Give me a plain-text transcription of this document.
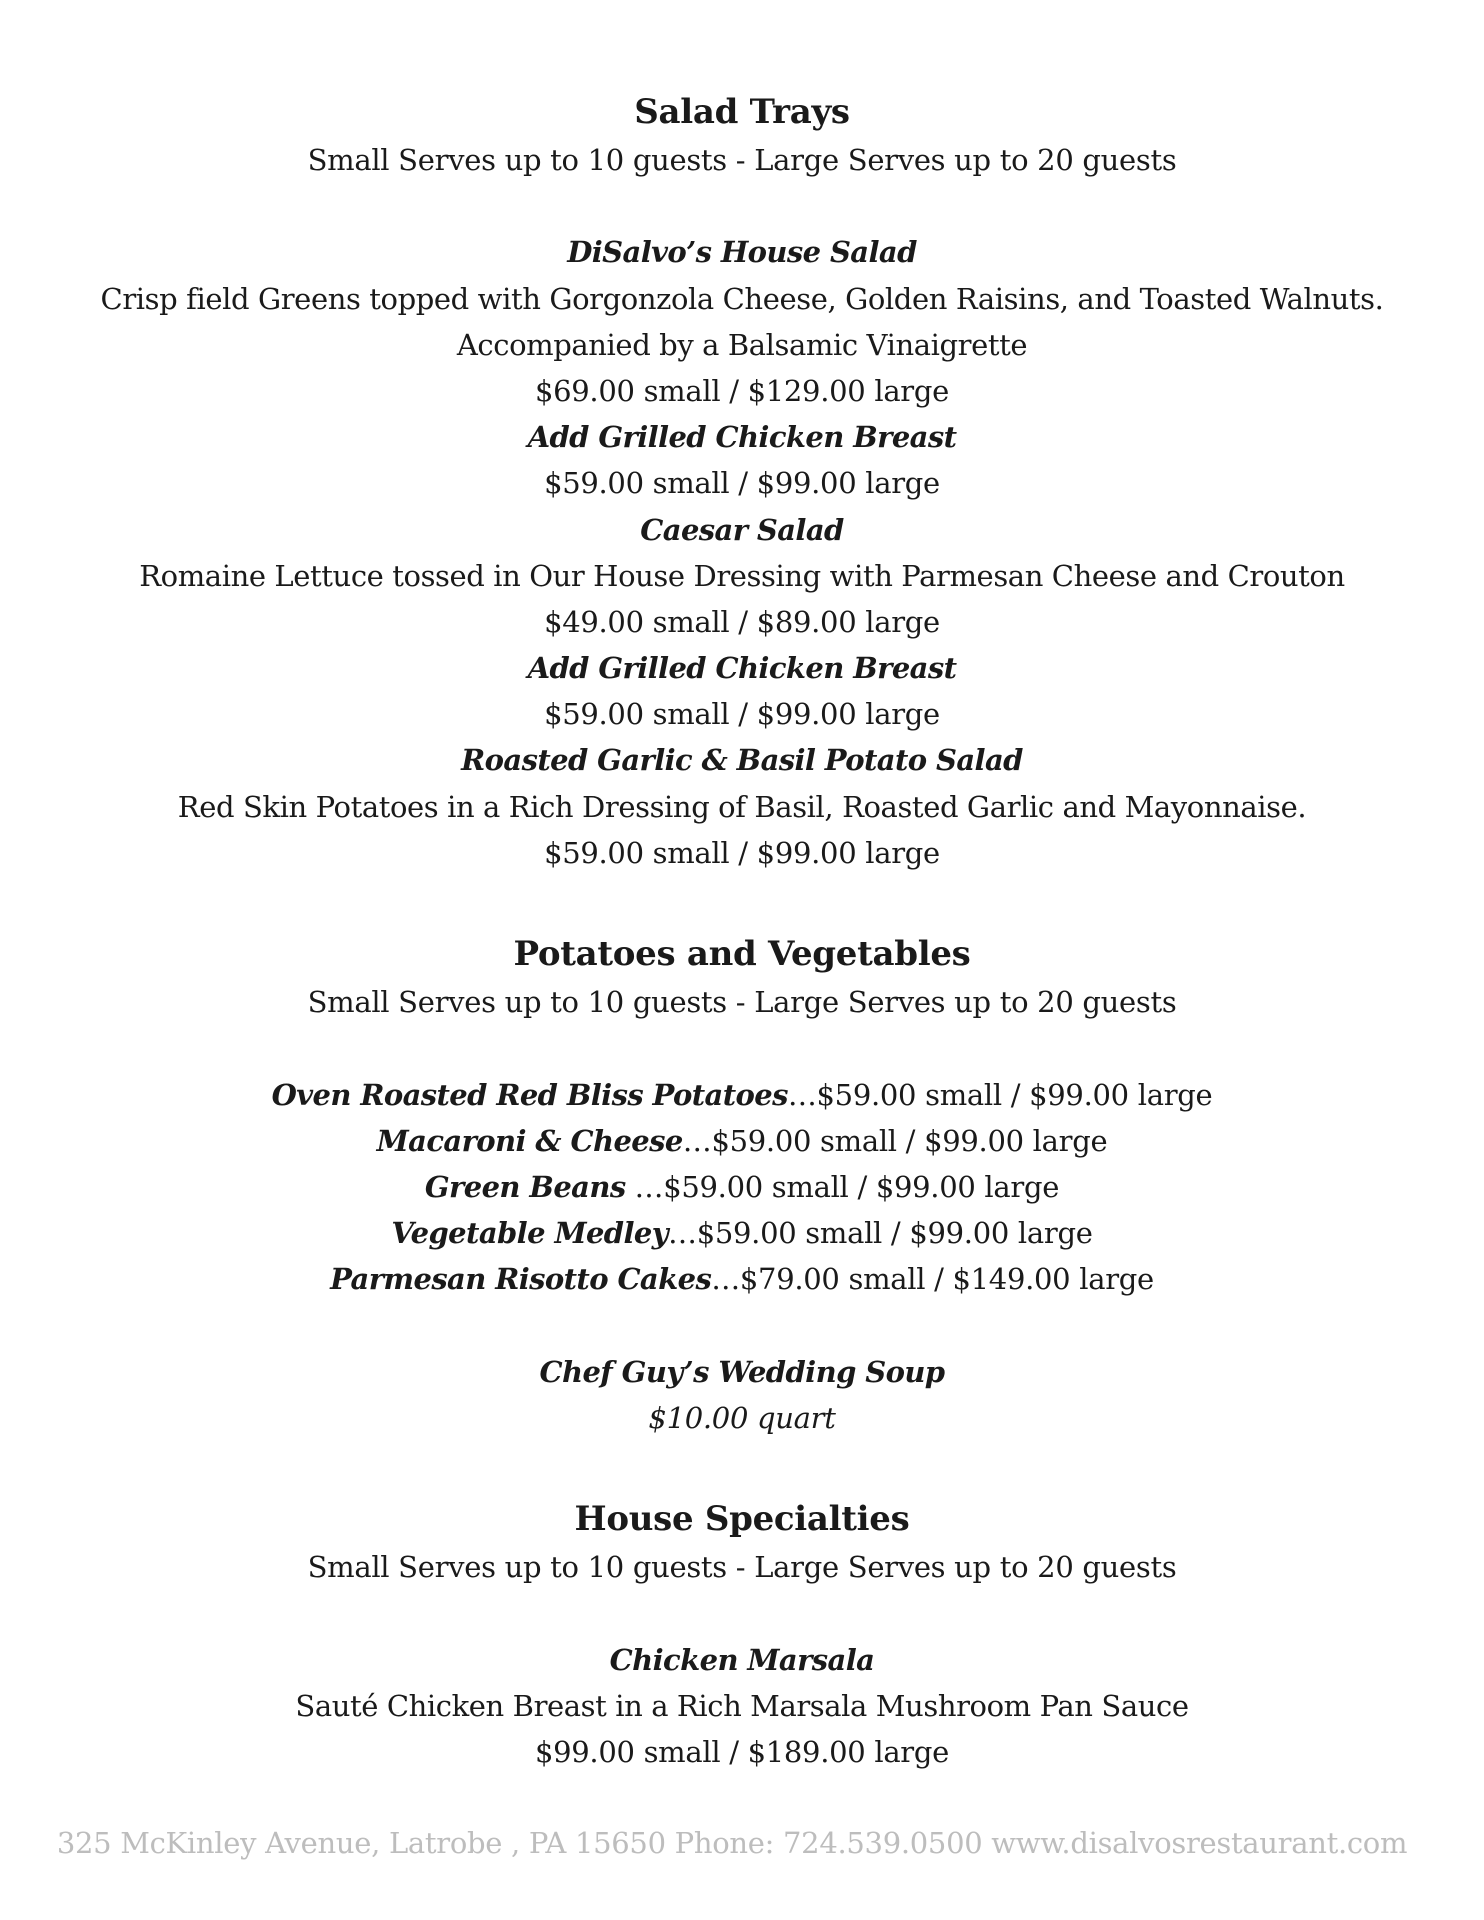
Salad Trays
Small Serves up to 10 guests - Large Serves up to 20 guests
DiSalvo’s House Salad
Crisp field Greens topped with Gorgonzola Cheese, Golden Raisins, and Toasted Walnuts.
Accompanied by a Balsamic Vinaigrette
$69.00 small / $129.00 large
Add Grilled Chicken Breast
$59.00 small / $99.00 large
Caesar Salad
Romaine Lettuce tossed in Our House Dressing with Parmesan Cheese and Crouton
$49.00 small / $89.00 large
Add Grilled Chicken Breast
$59.00 small / $99.00 large
Roasted Garlic & Basil Potato Salad
Red Skin Potatoes in a Rich Dressing of Basil, Roasted Garlic and Mayonnaise.
$59.00 small / $99.00 large
Potatoes and Vegetables
Small Serves up to 10 guests - Large Serves up to 20 guests
Oven Roasted Red Bliss Potatoes…$59.00 small / $99.00 large
Macaroni & Cheese…$59.00 small / $99.00 large
Green Beans …$59.00 small / $99.00 large
Vegetable Medley…$59.00 small / $99.00 large
Parmesan Risotto Cakes…$79.00 small / $149.00 large
Chef Guy’s Wedding Soup
$10.00 quart
House Specialties
Small Serves up to 10 guests - Large Serves up to 20 guests
Chicken Marsala
Sauté Chicken Breast in a Rich Marsala Mushroom Pan Sauce
$99.00 small / $189.00 large
325 McKinley Avenue, Latrobe , PA 15650 Phone: 724.539.0500 www.disalvosrestaurant.com
